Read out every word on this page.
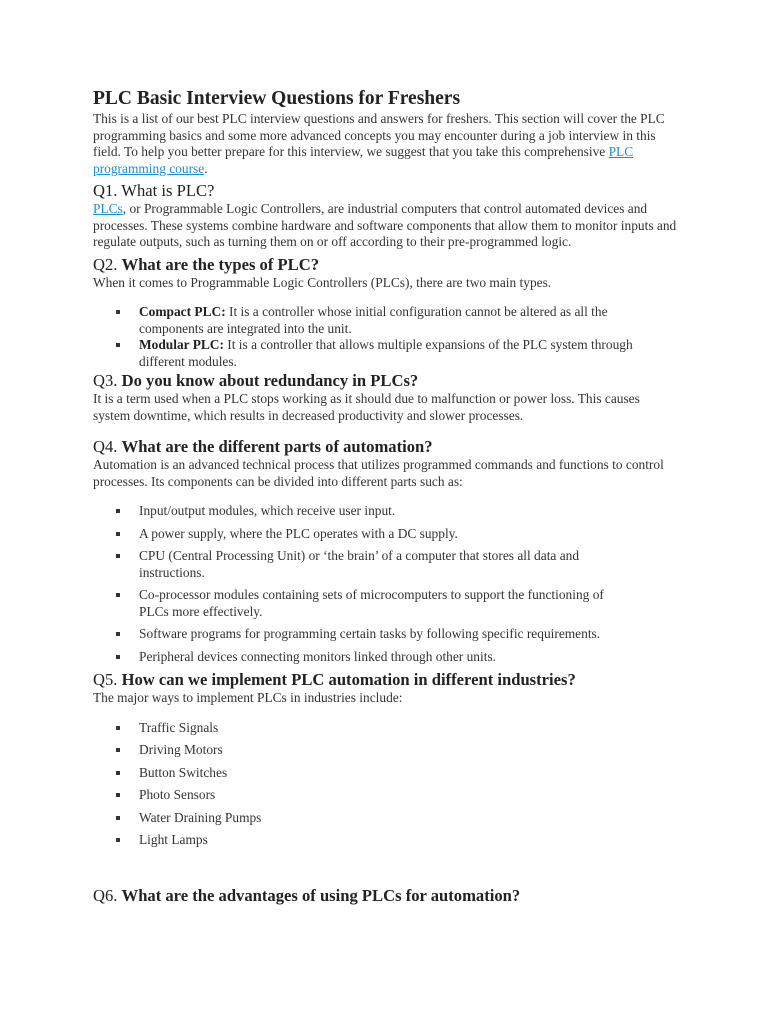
PLC Basic Interview Questions for Freshers

This is a list of our best PLC interview questions and answers for freshers. This section will cover the PLC programming basics and some more advanced concepts you may encounter during a job interview in this field. To help you better prepare for this interview, we suggest that you take this comprehensive PLC programming course.

Q1. What is PLC?

PLCs, or Programmable Logic Controllers, are industrial computers that control automated devices and processes. These systems combine hardware and software components that allow them to monitor inputs and regulate outputs, such as turning them on or off according to their pre-programmed logic.

Q2. What are the types of PLC?

When it comes to Programmable Logic Controllers (PLCs), there are two main types.

Compact PLC: It is a controller whose initial configuration cannot be altered as all the components are integrated into the unit.
Modular PLC: It is a controller that allows multiple expansions of the PLC system through different modules.
Q3. Do you know about redundancy in PLCs?

It is a term used when a PLC stops working as it should due to malfunction or power loss. This causes system downtime, which results in decreased productivity and slower processes.

Q4. What are the different parts of automation?

Automation is an advanced technical process that utilizes programmed commands and functions to control processes. Its components can be divided into different parts such as:

Input/output modules, which receive user input.
A power supply, where the PLC operates with a DC supply.
CPU (Central Processing Unit) or ‘the brain’ of a computer that stores all data and instructions.
Co-processor modules containing sets of microcomputers to support the functioning of PLCs more effectively.
Software programs for programming certain tasks by following specific requirements.
Peripheral devices connecting monitors linked through other units.
Q5. How can we implement PLC automation in different industries?

The major ways to implement PLCs in industries include:

Traffic Signals
Driving Motors
Button Switches
Photo Sensors
Water Draining Pumps
Light Lamps
Q6. What are the advantages of using PLCs for automation?
